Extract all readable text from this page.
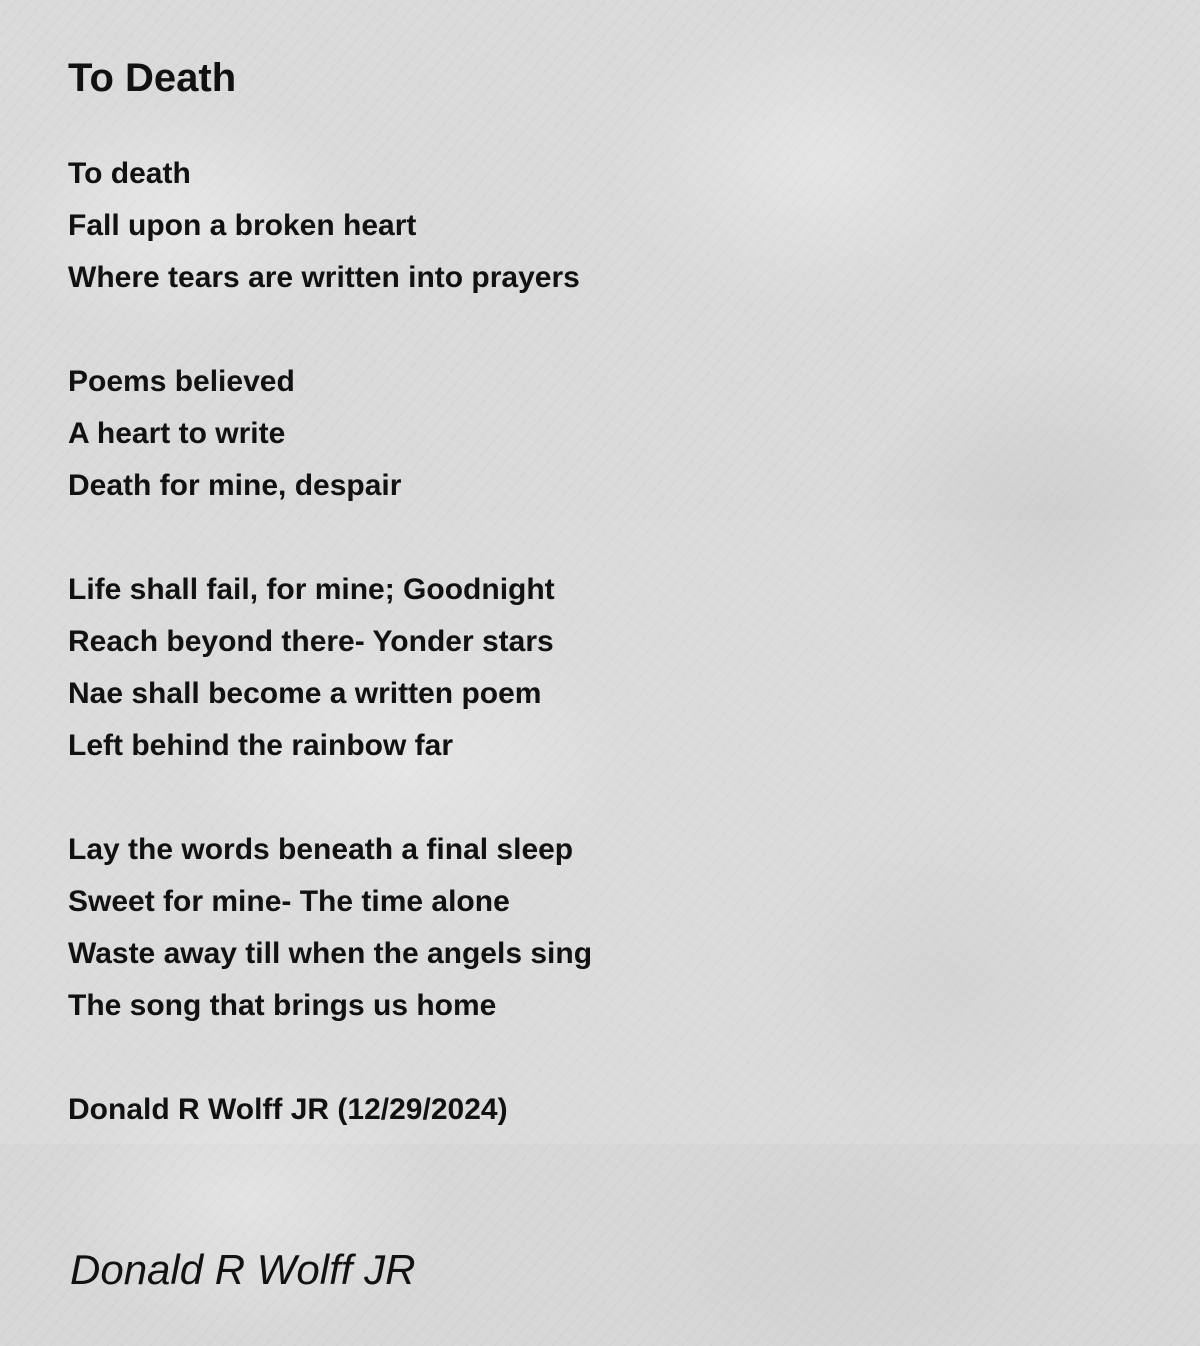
To Death
To death
Fall upon a broken heart
Where tears are written into prayers
Poems believed
A heart to write
Death for mine, despair
Life shall fail, for mine; Goodnight
Reach beyond there- Yonder stars
Nae shall become a written poem
Left behind the rainbow far
Lay the words beneath a final sleep
Sweet for mine- The time alone
Waste away till when the angels sing
The song that brings us home
Donald R Wolff JR (12/29/2024)
Donald R Wolff JR
